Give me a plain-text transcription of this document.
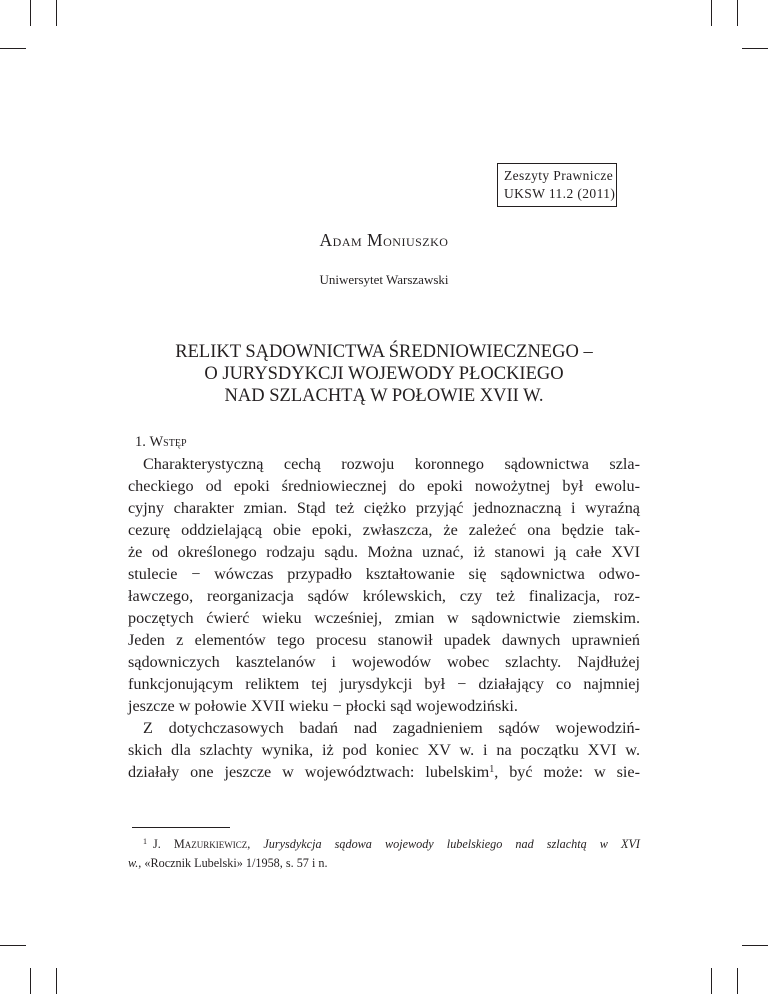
Zeszyty Prawnicze
UKSW 11.2 (2011)
Adam Moniuszko
Uniwersytet Warszawski
RELIKT SĄDOWNICTWA ŚREDNIOWIECZNEGO –
O JURYSDYKCJI WOJEWODY PŁOCKIEGO
NAD SZLACHTĄ W POŁOWIE XVII W.
1. Wstęp
Charakterystyczną cechą rozwoju koronnego sądownictwa szla-
checkiego od epoki średniowiecznej do epoki nowożytnej był ewolu-
cyjny charakter zmian. Stąd też ciężko przyjąć jednoznaczną i wyraźną
cezurę oddzielającą obie epoki, zwłaszcza, że zależeć ona będzie tak-
że od określonego rodzaju sądu. Można uznać, iż stanowi ją całe XVI
stulecie − wówczas przypadło kształtowanie się sądownictwa odwo-
ławczego, reorganizacja sądów królewskich, czy też finalizacja, roz-
poczętych ćwierć wieku wcześniej, zmian w sądownictwie ziemskim.
Jeden z elementów tego procesu stanowił upadek dawnych uprawnień
sądowniczych kasztelanów i wojewodów wobec szlachty. Najdłużej
funkcjonującym reliktem tej jurysdykcji był − działający co najmniej
jeszcze w połowie XVII wieku − płocki sąd wojewodziński.
Z dotychczasowych badań nad zagadnieniem sądów wojewodziń-
skich dla szlachty wynika, iż pod koniec XV w. i na początku XVI w.
działały one jeszcze w województwach: lubelskim$^1$, być może: w sie-
$^1$ J. Mazurkiewicz, Jurysdykcja sądowa wojewody lubelskiego nad szlachtą w XVI
w., «Rocznik Lubelski» 1/1958, s. 57 i n.
